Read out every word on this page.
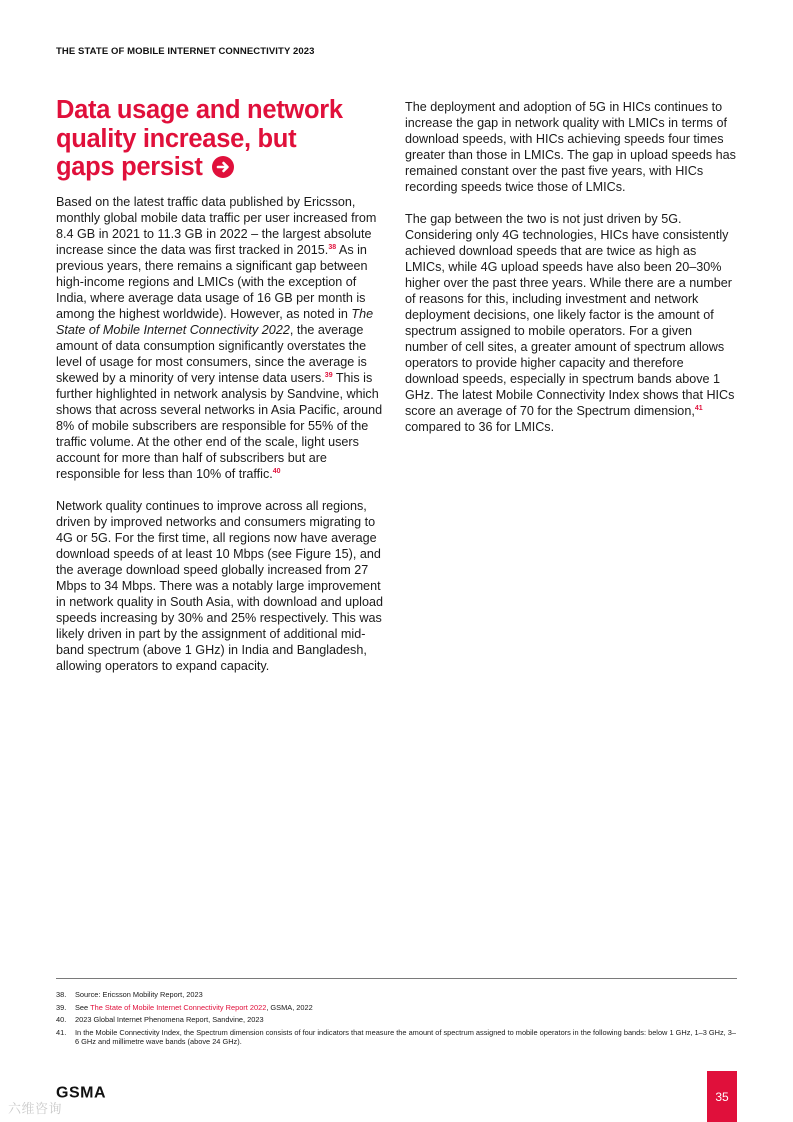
THE STATE OF MOBILE INTERNET CONNECTIVITY 2023
Data usage and network
quality increase, but
gaps persist

Based on the latest traffic data published by Ericsson, monthly global mobile data traffic per user increased from 8.4 GB in 2021 to 11.3 GB in 2022 – the largest absolute increase since the data was first tracked in 2015.38 As in previous years, there remains a significant gap between high-income regions and LMICs (with the exception of India, where average data usage of 16 GB per month is among the highest worldwide). However, as noted in The State of Mobile Internet Connectivity 2022, the average amount of data consumption significantly overstates the level of usage for most consumers, since the average is skewed by a minority of very intense data users.$^{39}$ This is further highlighted in network analysis by Sandvine, which shows that across several networks in Asia Pacific, around 8% of mobile subscribers are responsible for 55% of the traffic volume. At the other end of the scale, light users account for more than half of subscribers but are responsible for less than 10% of traffic.$^{40}$

Network quality continues to improve across all regions, driven by improved networks and consumers migrating to 4G or 5G. For the first time, all regions now have average download speeds of at least 10 Mbps (see Figure 15), and the average download speed globally increased from 27 Mbps to 34 Mbps. There was a notably large improvement in network quality in South Asia, with download and upload speeds increasing by 30% and 25% respectively. This was likely driven in part by the assignment of additional mid-band spectrum (above 1 GHz) in India and Bangladesh, allowing operators to expand capacity.

The deployment and adoption of 5G in HICs continues to increase the gap in network quality with LMICs in terms of download speeds, with HICs achieving speeds four times greater than those in LMICs. The gap in upload speeds has remained constant over the past five years, with HICs recording speeds twice those of LMICs.

The gap between the two is not just driven by 5G. Considering only 4G technologies, HICs have consistently achieved download speeds that are twice as high as LMICs, while 4G upload speeds have also been 20–30% higher over the past three years. While there are a number of reasons for this, including investment and network deployment decisions, one likely factor is the amount of spectrum assigned to mobile operators. For a given number of cell sites, a greater amount of spectrum allows operators to provide higher capacity and therefore download speeds, especially in spectrum bands above 1 GHz. The latest Mobile Connectivity Index shows that HICs score an average of 70 for the Spectrum dimension,$^{41}$ compared to 36 for LMICs.

38.	Source: Ericsson Mobility Report, 2023
39.	See The State of Mobile Internet Connectivity Report 2022, GSMA, 2022
40.	2023 Global Internet Phenomena Report, Sandvine, 2023
41.	In the Mobile Connectivity Index, the Spectrum dimension consists of four indicators that measure the amount of spectrum assigned to mobile operators in the following bands: below 1 GHz, 1–3 GHz, 3–6 GHz and millimetre wave bands (above 24 GHz).
GSMA
六维咨询
35
